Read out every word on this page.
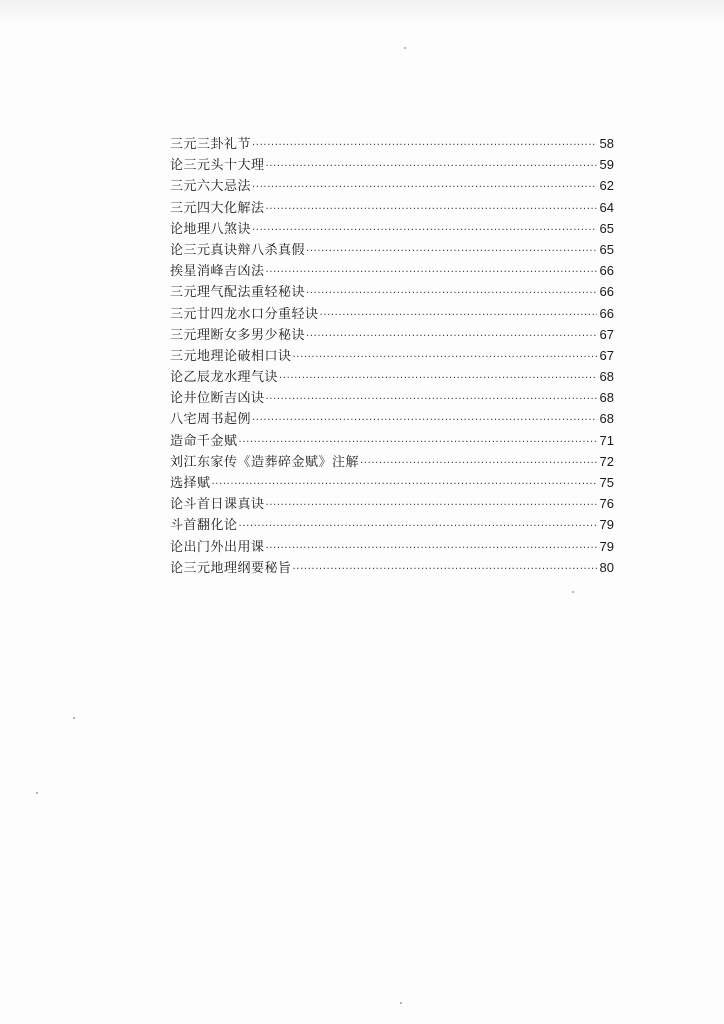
三元三卦礼节 ·····	58
论三元头十大理 ·····	59
三元六大忌法 ·····	62
三元四大化解法 ·····	64
论地理八煞诀 ·····	65
论三元真诀辩八杀真假 ·····	65
挨星消峰吉凶法 ·····	66
三元理气配法重轻秘诀 ·····	66
三元廿四龙水口分重轻诀 ·····	66
三元理断女多男少秘诀 ·····	67
三元地理论破相口诀 ·····	67
论乙辰龙水理气诀 ·····	68
论井位断吉凶诀 ·····	68
八宅周书起例 ·····	68
造命千金赋 ·····	71
刘江东家传《造葬碎金赋》注解 ·····	72
选择赋 ·····	75
论斗首日课真诀 ·····	76
斗首翻化论 ·····	79
论出门外出用课 ·····	79
论三元地理纲要秘旨 ·····	80
